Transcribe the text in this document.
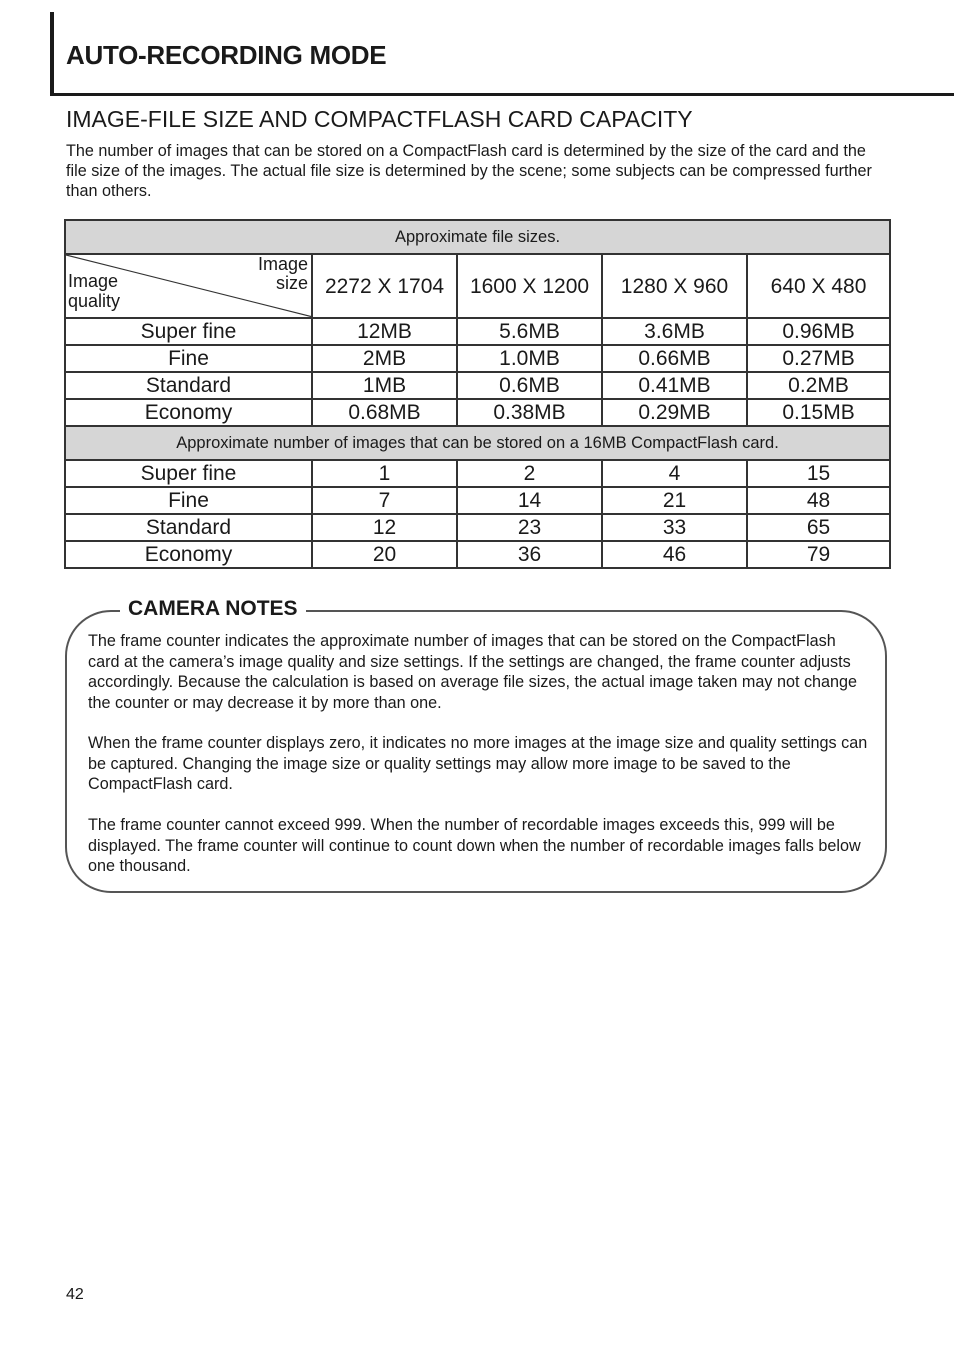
AUTO-RECORDING MODE
IMAGE-FILE SIZE AND COMPACTFLASH CARD CAPACITY

The number of images that can be stored on a CompactFlash card is determined by the size of the card and the file size of the images. The actual file size is determined by the scene; some subjects can be compressed further than others.

Approximate file sizes.				

Image
size
Image
quality	2272 X 1704	1600 X 1200	1280 X 960	640 X 480
Super fine	12MB	5.6MB	3.6MB	0.96MB
Fine	2MB	1.0MB	0.66MB	0.27MB
Standard	1MB	0.6MB	0.41MB	0.2MB
Economy	0.68MB	0.38MB	0.29MB	0.15MB
Approximate number of images that can be stored on a 16MB CompactFlash card.				
Super fine	1	2	4	15
Fine	7	14	21	48
Standard	12	23	33	65
Economy	20	36	46	79
CAMERA NOTES

The frame counter indicates the approximate number of images that can be stored on the CompactFlash card at the camera’s image quality and size settings. If the settings are changed, the frame counter adjusts accordingly. Because the calculation is based on average file sizes, the actual image taken may not change the counter or may decrease it by more than one.

When the frame counter displays zero, it indicates no more images at the image size and quality settings can be captured. Changing the image size or quality settings may allow more image to be saved to the CompactFlash card.

The frame counter cannot exceed 999. When the number of recordable images exceeds this, 999 will be displayed. The frame counter will continue to count down when the number of recordable images falls below one thousand.

42
